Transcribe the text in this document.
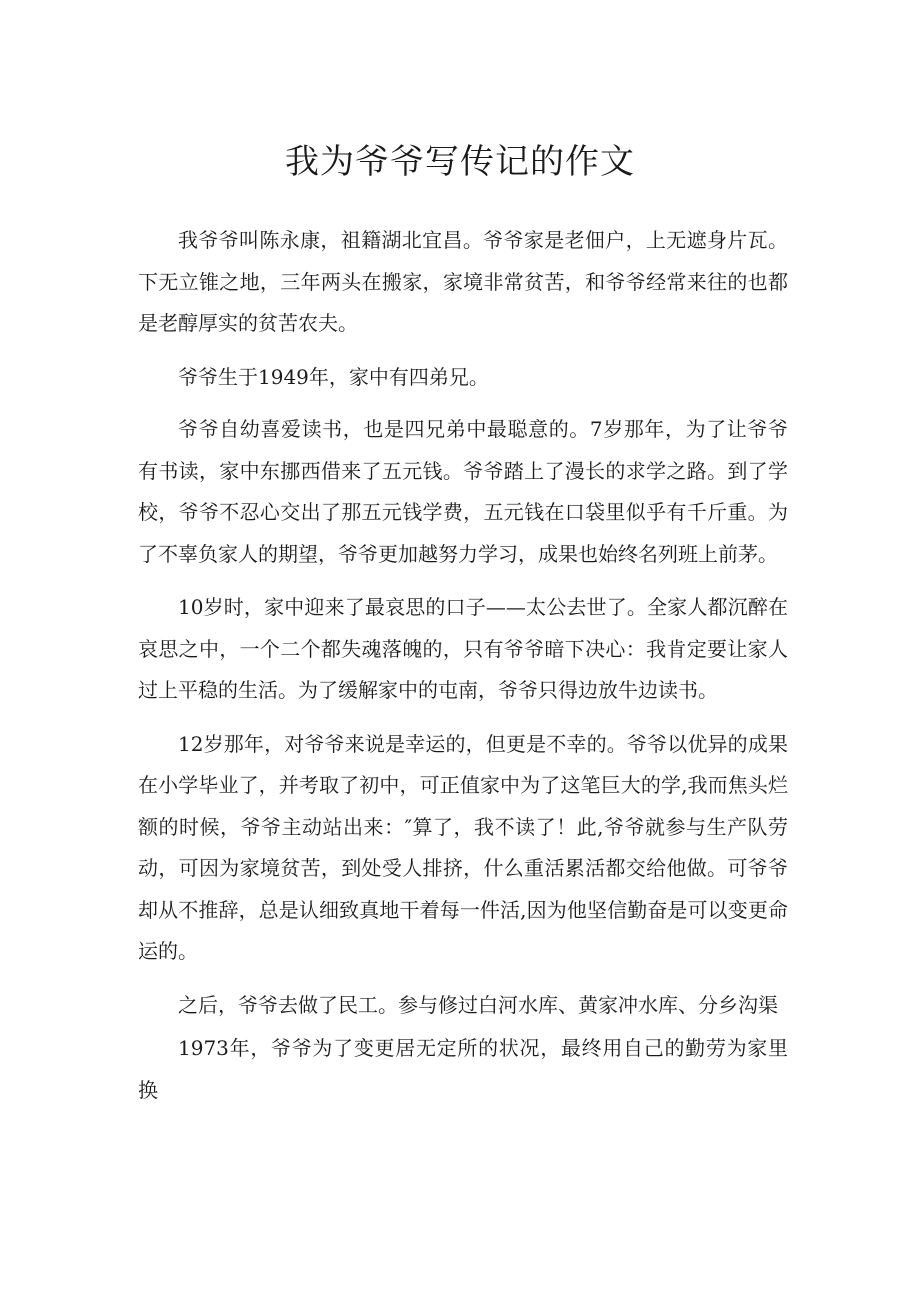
我为爷爷写传记的作文

我爷爷叫陈永康，祖籍湖北宜昌。爷爷家是老佃户，上无遮身片瓦。下无立锥之地，三年两头在搬家，家境非常贫苦，和爷爷经常来往的也都是老醇厚实的贫苦农夫。

爷爷生于1949年，家中有四弟兄。

爷爷自幼喜爱读书，也是四兄弟中最聪意的。7岁那年，为了让爷爷有书读，家中东挪西借来了五元钱。爷爷踏上了漫长的求学之路。到了学校，爷爷不忍心交出了那五元钱学费，五元钱在口袋里似乎有千斤重。为了不辜负家人的期望，爷爷更加越努力学习，成果也始终名列班上前茅。

10岁时，家中迎来了最哀思的口子——太公去世了。全家人都沉醉在哀思之中，一个二个都失魂落魄的，只有爷爷暗下决心：我肯定要让家人过上平稳的生活。为了缓解家中的屯南，爷爷只得边放牛边读书。

12岁那年，对爷爷来说是幸运的，但更是不幸的。爷爷以优异的成果在小学毕业了，并考取了初中，可正值家中为了这笔巨大的学,我而焦头烂额的时候，爷爷主动站出来：″算了，我不读了！此,爷爷就参与生产队劳动，可因为家境贫苦，到处受人排挤，什么重活累活都交给他做。可爷爷却从不推辞，总是认细致真地干着每一件活,因为他坚信勤奋是可以变更命运的。

之后，爷爷去做了民工。参与修过白河水库、黄家冲水库、分乡沟渠

1973年，爷爷为了变更居无定所的状况，最终用自己的勤劳为家里换
